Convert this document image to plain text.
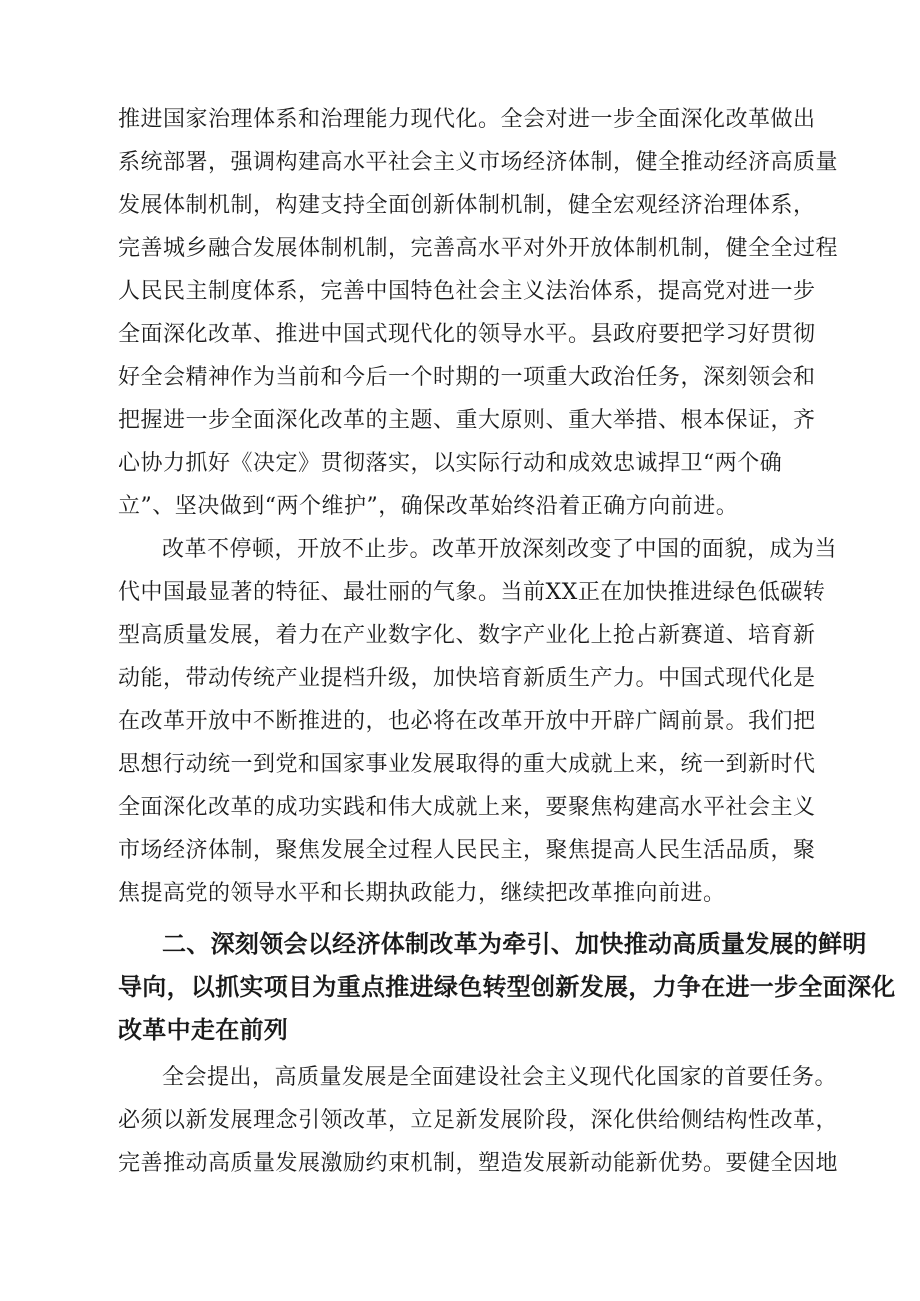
推进国家治理体系和治理能力现代化。全会对进一步全面深化改革做出
系统部署，强调构建高水平社会主义市场经济体制，健全推动经济高质量
发展体制机制，构建支持全面创新体制机制，健全宏观经济治理体系，
完善城乡融合发展体制机制，完善高水平对外开放体制机制，健全全过程
人民民主制度体系，完善中国特色社会主义法治体系，提高党对进一步
全面深化改革、推进中国式现代化的领导水平。县政府要把学习好贯彻
好全会精神作为当前和今后一个时期的一项重大政治任务，深刻领会和
把握进一步全面深化改革的主题、重大原则、重大举措、根本保证，齐
心协力抓好《决定》贯彻落实，以实际行动和成效忠诚捍卫“两个确
立”、坚决做到“两个维护”，确保改革始终沿着正确方向前进。
改革不停顿，开放不止步。改革开放深刻改变了中国的面貌，成为当
代中国最显著的特征、最壮丽的气象。当前XX正在加快推进绿色低碳转
型高质量发展，着力在产业数字化、数字产业化上抢占新赛道、培育新
动能，带动传统产业提档升级，加快培育新质生产力。中国式现代化是
在改革开放中不断推进的，也必将在改革开放中开辟广阔前景。我们把
思想行动统一到党和国家事业发展取得的重大成就上来，统一到新时代
全面深化改革的成功实践和伟大成就上来，要聚焦构建高水平社会主义
市场经济体制，聚焦发展全过程人民民主，聚焦提高人民生活品质，聚
焦提高党的领导水平和长期执政能力，继续把改革推向前进。
二、深刻领会以经济体制改革为牵引、加快推动高质量发展的鲜明
导向，以抓实项目为重点推进绿色转型创新发展，力争在进一步全面深化
改革中走在前列
全会提出，高质量发展是全面建设社会主义现代化国家的首要任务。
必须以新发展理念引领改革，立足新发展阶段，深化供给侧结构性改革，
完善推动高质量发展激励约束机制，塑造发展新动能新优势。要健全因地
